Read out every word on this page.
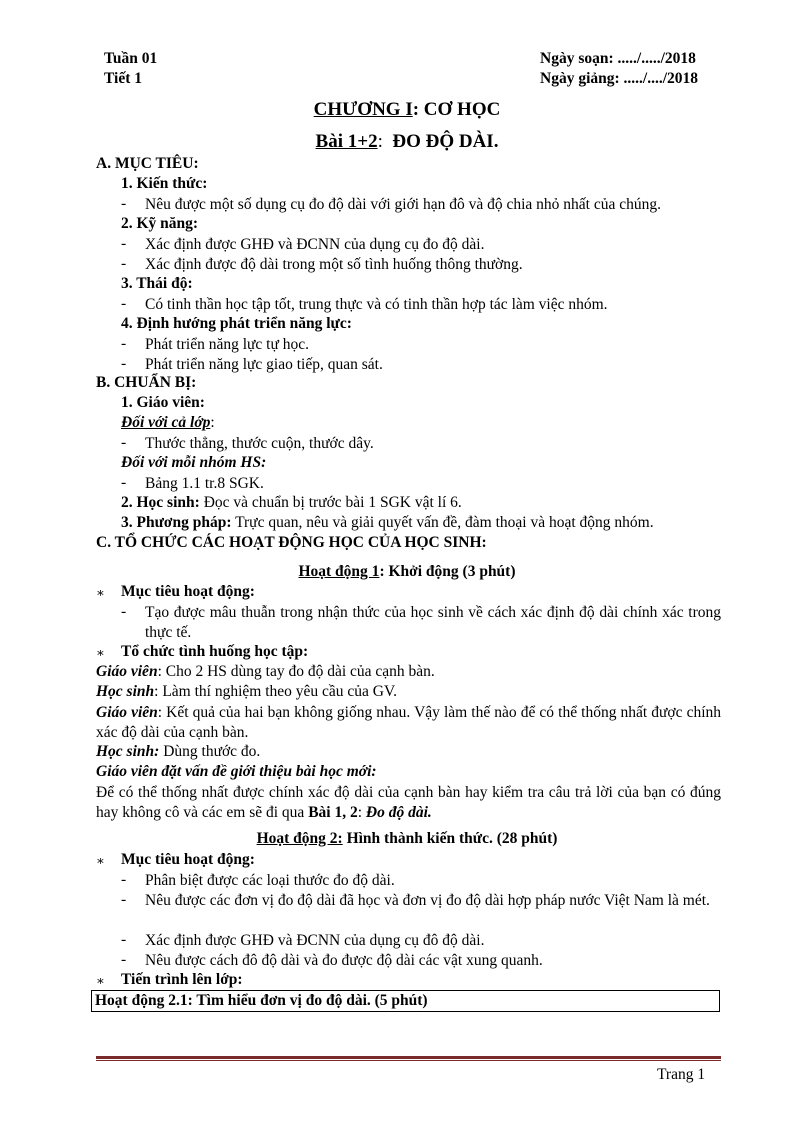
Tuần 01
Tiết 1
Ngày soạn: ...../...../2018
Ngày giảng: ...../..../2018
CHƯƠNG I: CƠ HỌC
Bài 1+2: ĐO ĐỘ DÀI.
A. MỤC TIÊU:
1. Kiến thức:
- Nêu được một số dụng cụ đo độ dài với giới hạn đô và độ chia nhỏ nhất của chúng.
2. Kỹ năng:
- Xác định được GHĐ và ĐCNN của dụng cụ đo độ dài.
- Xác định được độ dài trong một số tình huống thông thường.
3. Thái độ:
- Có tinh thần học tập tốt, trung thực và có tinh thần hợp tác làm việc nhóm.
4. Định hướng phát triển năng lực:
- Phát triển năng lực tự học.
- Phát triển năng lực giao tiếp, quan sát.
B. CHUẨN BỊ:
1. Giáo viên:
Đối với cả lớp:
- Thước thẳng, thước cuộn, thước dây.
Đối với mỗi nhóm HS:
- Bảng 1.1 tr.8 SGK.
2. Học sinh: Đọc và chuẩn bị trước bài 1 SGK vật lí 6.
3. Phương pháp: Trực quan, nêu và giải quyết vấn đề, đàm thoại và hoạt động nhóm.
C. TỔ CHỨC CÁC HOẠT ĐỘNG HỌC CỦA HỌC SINH:
Hoạt động 1: Khởi động (3 phút)
∗ Mục tiêu hoạt động:
- Tạo được mâu thuẫn trong nhận thức của học sinh về cách xác định độ dài chính xác trong thực tế.
∗ Tổ chức tình huống học tập:
Giáo viên: Cho 2 HS dùng tay đo độ dài của cạnh bàn.
Học sinh: Làm thí nghiệm theo yêu cầu của GV.
Giáo viên: Kết quả của hai bạn không giống nhau. Vậy làm thế nào để có thể thống nhất được chính xác độ dài của cạnh bàn.
Học sinh: Dùng thước đo.
Giáo viên đặt vấn đề giới thiệu bài học mới:
Để có thể thống nhất được chính xác độ dài của cạnh bàn hay kiểm tra câu trả lời của bạn có đúng hay không cô và các em sẽ đi qua Bài 1, 2: Đo độ dài.
Hoạt động 2: Hình thành kiến thức. (28 phút)
∗ Mục tiêu hoạt động:
- Phân biệt được các loại thước đo độ dài.
- Nêu được các đơn vị đo độ dài đã học và đơn vị đo độ dài hợp pháp nước Việt Nam là mét.
- Xác định được GHĐ và ĐCNN của dụng cụ đô độ dài.
- Nêu được cách đô độ dài và đo được độ dài các vật xung quanh.
∗ Tiến trình lên lớp:
Hoạt động 2.1: Tìm hiểu đơn vị đo độ dài. (5 phút)
Trang 1
